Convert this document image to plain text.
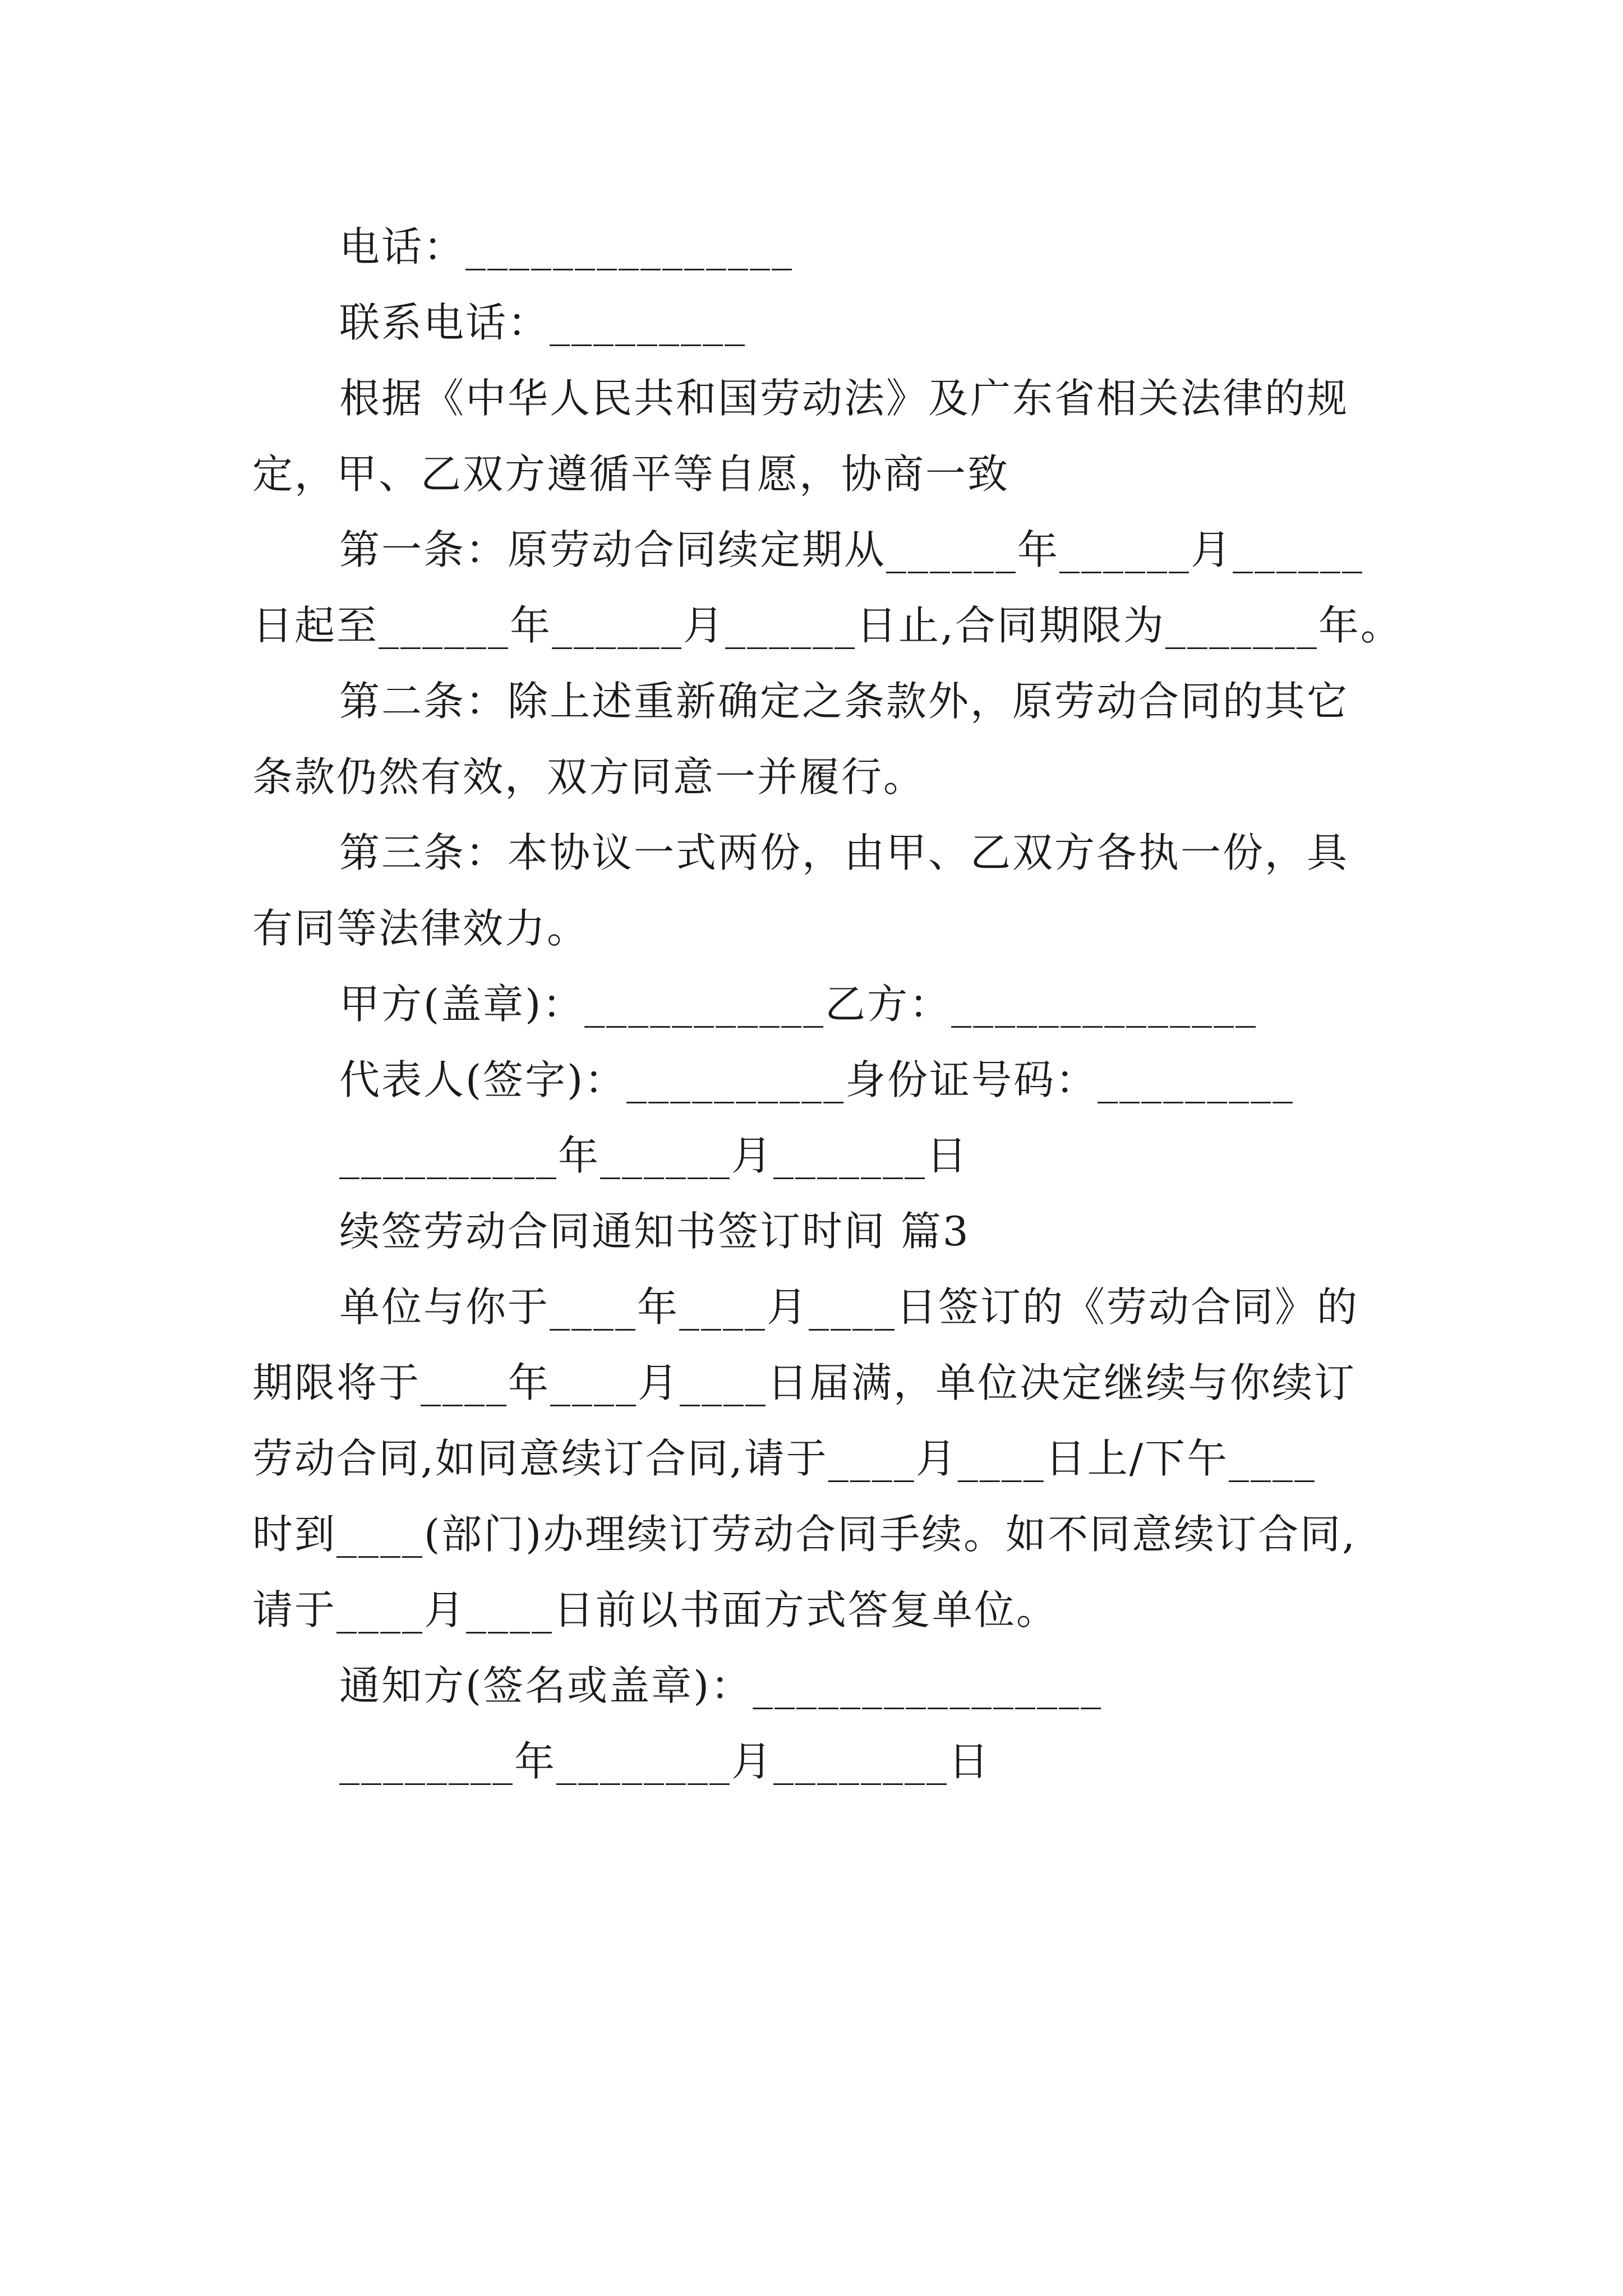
电话：_______________
联系电话：_________
根据《中华人民共和国劳动法》及广东省相关法律的规
定，甲、乙双方遵循平等自愿，协商一致
第一条：原劳动合同续定期从______年______月______
日起至______年______月______日止,合同期限为_______年。
第二条：除上述重新确定之条款外，原劳动合同的其它
条款仍然有效，双方同意一并履行。
第三条：本协议一式两份，由甲、乙双方各执一份，具
有同等法律效力。
甲方(盖章)：___________乙方：______________
代表人(签字)：__________身份证号码：_________
__________年______月_______日
续签劳动合同通知书签订时间 篇3
单位与你于____年____月____日签订的《劳动合同》的
期限将于____年____月____日届满，单位决定继续与你续订
劳动合同,如同意续订合同,请于____月____日上/下午____
时到____(部门)办理续订劳动合同手续。如不同意续订合同,
请于____月____日前以书面方式答复单位。
通知方(签名或盖章)：________________
________年________月________日
